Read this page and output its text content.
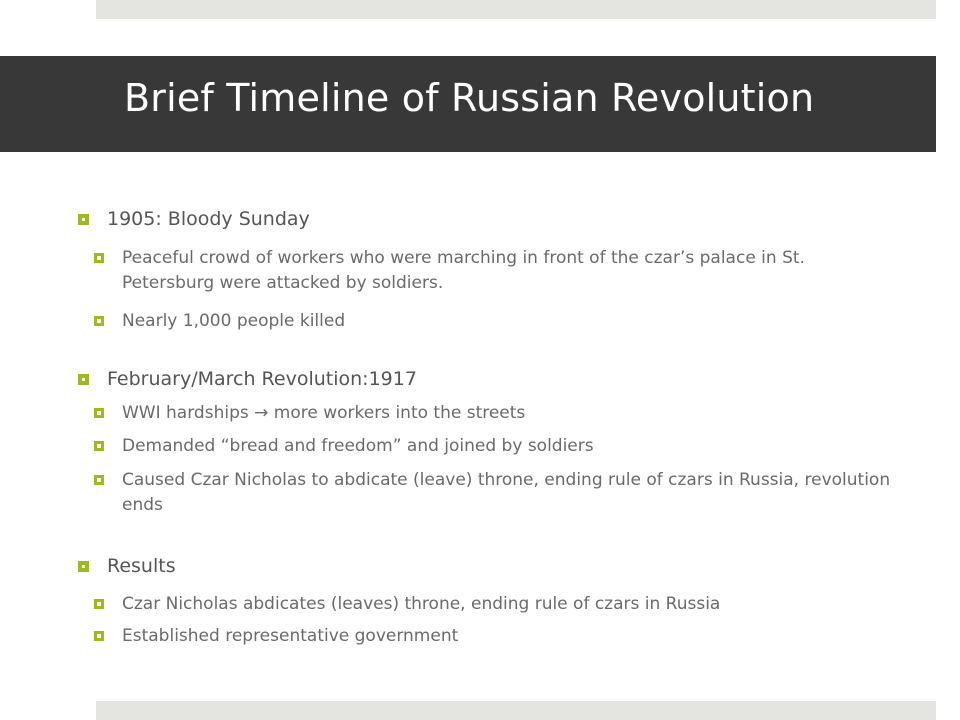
Brief Timeline of Russian Revolution
1905: Bloody Sunday
Peaceful crowd of workers who were marching in front of the czar’s palace in St. Petersburg were attacked by soldiers.
Nearly 1,000 people killed
February/March Revolution:1917
WWI hardships → more workers into the streets
Demanded “bread and freedom” and joined by soldiers
Caused Czar Nicholas to abdicate (leave) throne, ending rule of czars in Russia, revolution ends
Results
Czar Nicholas abdicates (leaves) throne, ending rule of czars in Russia
Established representative government
